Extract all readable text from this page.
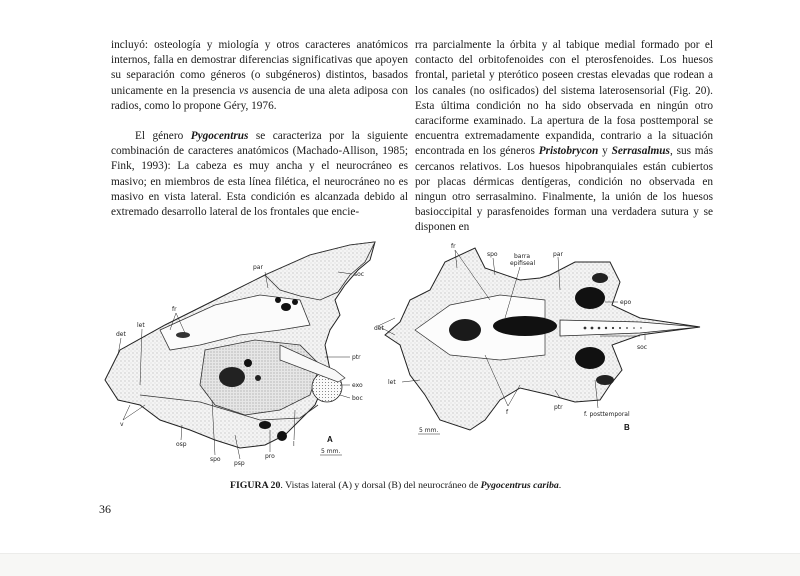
incluyó: osteología y miología y otros caracteres anatómicos internos, falla en demostrar diferencias significativas que apoyen su separación como géneros (o subgéneros) distintos, basados unicamente en la presencia vs ausencia de una aleta adiposa con radios, como lo propone Géry, 1976.

El género Pygocentrus se caracteriza por la siguiente combinación de caracteres anatómicos (Machado-Allison, 1985; Fink, 1993): La cabeza es muy ancha y el neurocráneo es masivo; en miembros de esta línea filética, el neurocráneo no es masivo en vista lateral. Esta condición es alcanzada debido al extremado desarrollo lateral de los frontales que encie-

rra parcialmente la órbita y al tabique medial formado por el contacto del orbitofenoides con el pterosfenoides. Los huesos frontal, parietal y pterótico poseen crestas elevadas que rodean a los canales (no osificados) del sistema laterosensorial (Fig. 20). Esta última condición no ha sido observada en ningún otro caraciforme examinado. La apertura de la fosa posttemporal se encuentra extremadamente expandida, contrario a la situación encontrada en los géneros Pristobrycon y Serrasalmus, sus más cercanos relativos. Los huesos hipobranquiales están cubiertos por placas dérmicas dentígeras, condición no observada en ningun otro serrasalmino. Finalmente, la unión de los huesos basioccipital y parasfenoides forman una verdadera sutura y se disponen en

par
soc
fr
let
det
ptr
exo
boc
v
osp
spo
psp
pro
l
A
5 mm.
det
fr
spo	barra
epifiseal
par
epo
soc
let
f
ptr
f. posttemporal
5 mm.	B
FIGURA 20. Vistas lateral (A) y dorsal (B) del neurocráneo de Pygocentrus cariba.
36
